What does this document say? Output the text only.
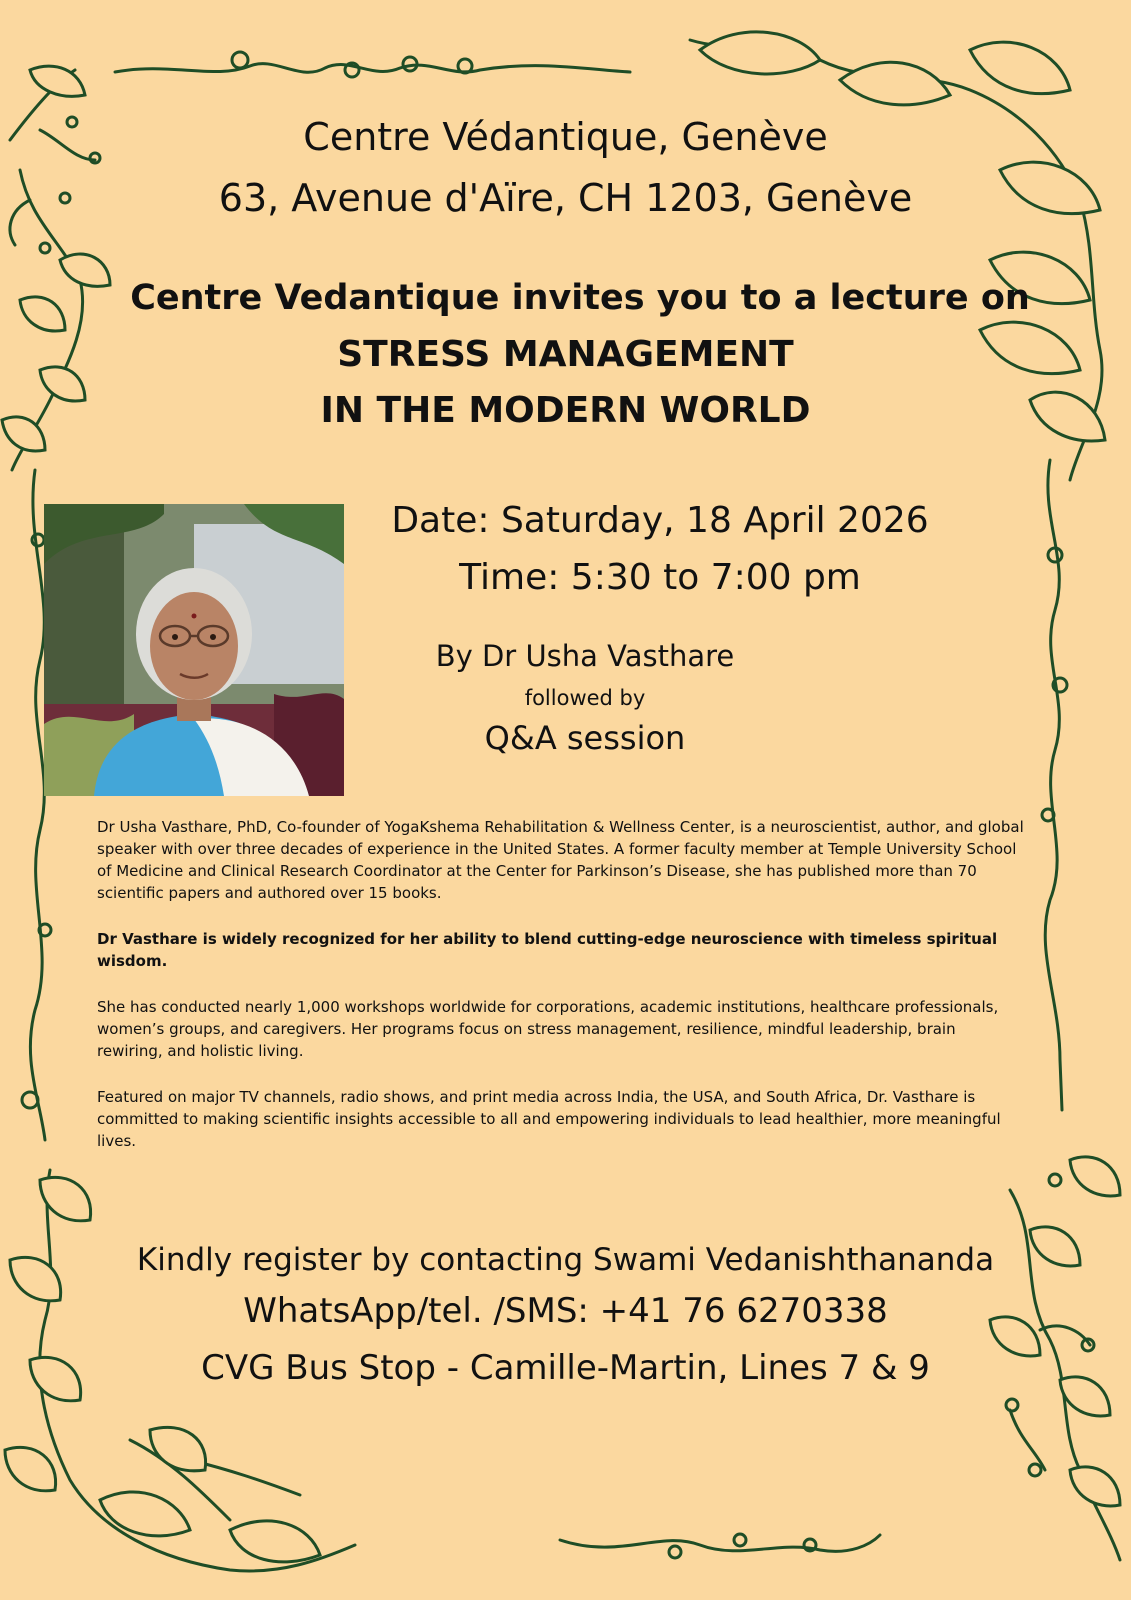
Centre Védantique, Genève
63, Avenue d'Aïre, CH 1203, Genève
Centre Vedantique invites you to a lecture on
STRESS MANAGEMENT
IN THE MODERN WORLD
Date: Saturday, 18 April 2026
Time: 5:30 to 7:00 pm
By Dr Usha Vasthare
followed by
Q&A session

Dr Usha Vasthare, PhD, Co-founder of YogaKshema Rehabilitation & Wellness Center, is a neuroscientist, author, and global speaker with over three decades of experience in the United States. A former faculty member at Temple University School of Medicine and Clinical Research Coordinator at the Center for Parkinson’s Disease, she has published more than 70 scientific papers and authored over 15 books.

Dr Vasthare is widely recognized for her ability to blend cutting-edge neuroscience with timeless spiritual wisdom.

She has conducted nearly 1,000 workshops worldwide for corporations, academic institutions, healthcare professionals, women’s groups, and caregivers. Her programs focus on stress management, resilience, mindful leadership, brain rewiring, and holistic living.

Featured on major TV channels, radio shows, and print media across India, the USA, and South Africa, Dr. Vasthare is committed to making scientific insights accessible to all and empowering individuals to lead healthier, more meaningful lives.

Kindly register by contacting Swami Vedanishthananda
WhatsApp/tel. /SMS: +41 76 6270338
CVG Bus Stop - Camille-Martin, Lines 7 & 9
